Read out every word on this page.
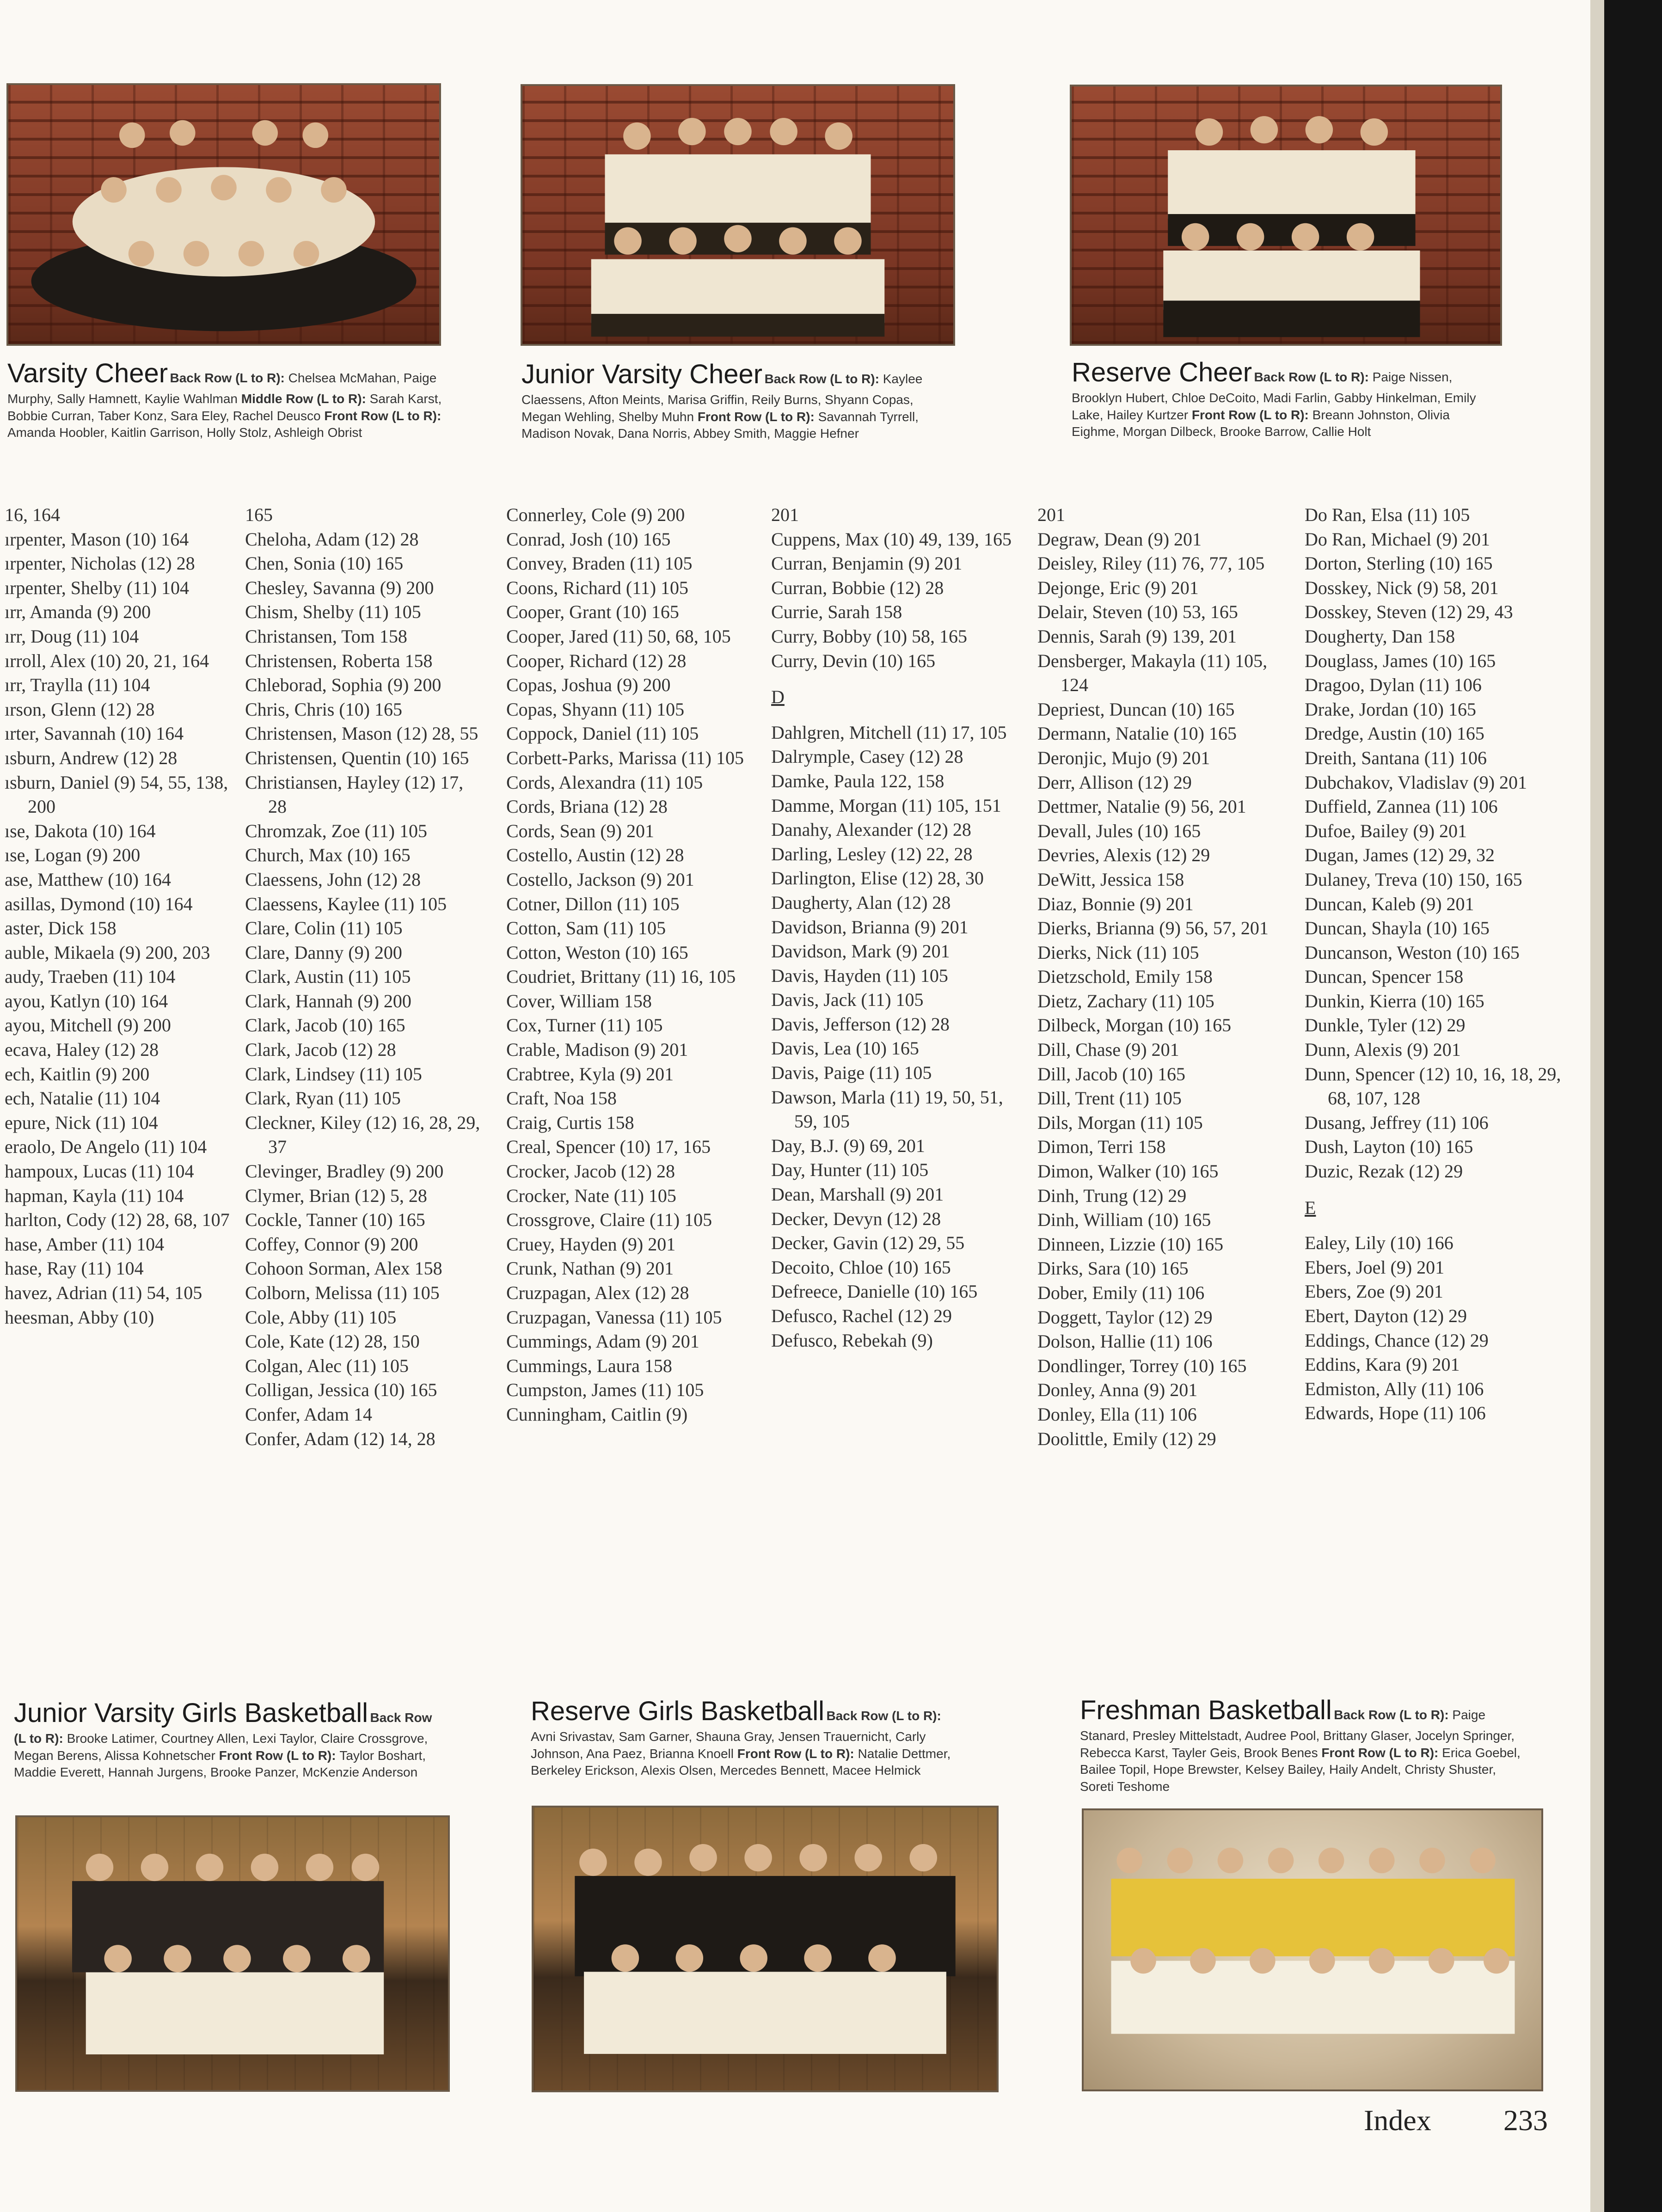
Varsity Cheer Back Row (L to R): Chelsea McMahan, Paige Murphy, Sally Hamnett, Kaylie Wahlman Middle Row (L to R): Sarah Karst, Bobbie Curran, Taber Konz, Sara Eley, Rachel Deusco Front Row (L to R): Amanda Hoobler, Kaitlin Garrison, Holly Stolz, Ashleigh Obrist
Junior Varsity Cheer Back Row (L to R): Kaylee Claessens, Afton Meints, Marisa Griffin, Reily Burns, Shyann Copas, Megan Wehling, Shelby Muhn Front Row (L to R): Savannah Tyrrell, Madison Novak, Dana Norris, Abbey Smith, Maggie Hefner
Reserve Cheer Back Row (L to R): Paige Nissen, Brooklyn Hubert, Chloe DeCoito, Madi Farlin, Gabby Hinkelman, Emily Lake, Hailey Kurtzer Front Row (L to R): Breann Johnston, Olivia Eighme, Morgan Dilbeck, Brooke Barrow, Callie Holt
16, 164
ırpenter, Mason (10) 164
ırpenter, Nicholas (12) 28
ırpenter, Shelby (11) 104
ırr, Amanda (9) 200
ırr, Doug (11) 104
ırroll, Alex (10) 20, 21, 164
ırr, Traylla (11) 104
ırson, Glenn (12) 28
ırter, Savannah (10) 164
ısburn, Andrew (12) 28
ısburn, Daniel (9) 54, 55, 138, 200
ıse, Dakota (10) 164
ıse, Logan (9) 200
ase, Matthew (10) 164
asillas, Dymond (10) 164
aster, Dick 158
auble, Mikaela (9) 200, 203
audy, Traeben (11) 104
ayou, Katlyn (10) 164
ayou, Mitchell (9) 200
ecava, Haley (12) 28
ech, Kaitlin (9) 200
ech, Natalie (11) 104
epure, Nick (11) 104
eraolo, De Angelo (11) 104
hampoux, Lucas (11) 104
hapman, Kayla (11) 104
harlton, Cody (12) 28, 68, 107
hase, Amber (11) 104
hase, Ray (11) 104
havez, Adrian (11) 54, 105
heesman, Abby (10)
165
Cheloha, Adam (12) 28
Chen, Sonia (10) 165
Chesley, Savanna (9) 200
Chism, Shelby (11) 105
Christansen, Tom 158
Christensen, Roberta 158
Chleborad, Sophia (9) 200
Chris, Chris (10) 165
Christensen, Mason (12) 28, 55
Christensen, Quentin (10) 165
Christiansen, Hayley (12) 17, 28
Chromzak, Zoe (11) 105
Church, Max (10) 165
Claessens, John (12) 28
Claessens, Kaylee (11) 105
Clare, Colin (11) 105
Clare, Danny (9) 200
Clark, Austin (11) 105
Clark, Hannah (9) 200
Clark, Jacob (10) 165
Clark, Jacob (12) 28
Clark, Lindsey (11) 105
Clark, Ryan (11) 105
Cleckner, Kiley (12) 16, 28, 29, 37
Clevinger, Bradley (9) 200
Clymer, Brian (12) 5, 28
Cockle, Tanner (10) 165
Coffey, Connor (9) 200
Cohoon Sorman, Alex 158
Colborn, Melissa (11) 105
Cole, Abby (11) 105
Cole, Kate (12) 28, 150
Colgan, Alec (11) 105
Colligan, Jessica (10) 165
Confer, Adam 14
Confer, Adam (12) 14, 28
Connerley, Cole (9) 200
Conrad, Josh (10) 165
Convey, Braden (11) 105
Coons, Richard (11) 105
Cooper, Grant (10) 165
Cooper, Jared (11) 50, 68, 105
Cooper, Richard (12) 28
Copas, Joshua (9) 200
Copas, Shyann (11) 105
Coppock, Daniel (11) 105
Corbett-Parks, Marissa (11) 105
Cords, Alexandra (11) 105
Cords, Briana (12) 28
Cords, Sean (9) 201
Costello, Austin (12) 28
Costello, Jackson (9) 201
Cotner, Dillon (11) 105
Cotton, Sam (11) 105
Cotton, Weston (10) 165
Coudriet, Brittany (11) 16, 105
Cover, William 158
Cox, Turner (11) 105
Crable, Madison (9) 201
Crabtree, Kyla (9) 201
Craft, Noa 158
Craig, Curtis 158
Creal, Spencer (10) 17, 165
Crocker, Jacob (12) 28
Crocker, Nate (11) 105
Crossgrove, Claire (11) 105
Cruey, Hayden (9) 201
Crunk, Nathan (9) 201
Cruzpagan, Alex (12) 28
Cruzpagan, Vanessa (11) 105
Cummings, Adam (9) 201
Cummings, Laura 158
Cumpston, James (11) 105
Cunningham, Caitlin (9)
201
Cuppens, Max (10) 49, 139, 165
Curran, Benjamin (9) 201
Curran, Bobbie (12) 28
Currie, Sarah 158
Curry, Bobby (10) 58, 165
Curry, Devin (10) 165
D
Dahlgren, Mitchell (11) 17, 105
Dalrymple, Casey (12) 28
Damke, Paula 122, 158
Damme, Morgan (11) 105, 151
Danahy, Alexander (12) 28
Darling, Lesley (12) 22, 28
Darlington, Elise (12) 28, 30
Daugherty, Alan (12) 28
Davidson, Brianna (9) 201
Davidson, Mark (9) 201
Davis, Hayden (11) 105
Davis, Jack (11) 105
Davis, Jefferson (12) 28
Davis, Lea (10) 165
Davis, Paige (11) 105
Dawson, Marla (11) 19, 50, 51, 59, 105
Day, B.J. (9) 69, 201
Day, Hunter (11) 105
Dean, Marshall (9) 201
Decker, Devyn (12) 28
Decker, Gavin (12) 29, 55
Decoito, Chloe (10) 165
Defreece, Danielle (10) 165
Defusco, Rachel (12) 29
Defusco, Rebekah (9)
201
Degraw, Dean (9) 201
Deisley, Riley (11) 76, 77, 105
Dejonge, Eric (9) 201
Delair, Steven (10) 53, 165
Dennis, Sarah (9) 139, 201
Densberger, Makayla (11) 105, 124
Depriest, Duncan (10) 165
Dermann, Natalie (10) 165
Deronjic, Mujo (9) 201
Derr, Allison (12) 29
Dettmer, Natalie (9) 56, 201
Devall, Jules (10) 165
Devries, Alexis (12) 29
DeWitt, Jessica 158
Diaz, Bonnie (9) 201
Dierks, Brianna (9) 56, 57, 201
Dierks, Nick (11) 105
Dietzschold, Emily 158
Dietz, Zachary (11) 105
Dilbeck, Morgan (10) 165
Dill, Chase (9) 201
Dill, Jacob (10) 165
Dill, Trent (11) 105
Dils, Morgan (11) 105
Dimon, Terri 158
Dimon, Walker (10) 165
Dinh, Trung (12) 29
Dinh, William (10) 165
Dinneen, Lizzie (10) 165
Dirks, Sara (10) 165
Dober, Emily (11) 106
Doggett, Taylor (12) 29
Dolson, Hallie (11) 106
Dondlinger, Torrey (10) 165
Donley, Anna (9) 201
Donley, Ella (11) 106
Doolittle, Emily (12) 29
Do Ran, Elsa (11) 105
Do Ran, Michael (9) 201
Dorton, Sterling (10) 165
Dosskey, Nick (9) 58, 201
Dosskey, Steven (12) 29, 43
Dougherty, Dan 158
Douglass, James (10) 165
Dragoo, Dylan (11) 106
Drake, Jordan (10) 165
Dredge, Austin (10) 165
Dreith, Santana (11) 106
Dubchakov, Vladislav (9) 201
Duffield, Zannea (11) 106
Dufoe, Bailey (9) 201
Dugan, James (12) 29, 32
Dulaney, Treva (10) 150, 165
Duncan, Kaleb (9) 201
Duncan, Shayla (10) 165
Duncanson, Weston (10) 165
Duncan, Spencer 158
Dunkin, Kierra (10) 165
Dunkle, Tyler (12) 29
Dunn, Alexis (9) 201
Dunn, Spencer (12) 10, 16, 18, 29, 68, 107, 128
Dusang, Jeffrey (11) 106
Dush, Layton (10) 165
Duzic, Rezak (12) 29
E
Ealey, Lily (10) 166
Ebers, Joel (9) 201
Ebers, Zoe (9) 201
Ebert, Dayton (12) 29
Eddings, Chance (12) 29
Eddins, Kara (9) 201
Edmiston, Ally (11) 106
Edwards, Hope (11) 106
Junior Varsity Girls Basketball Back Row (L to R): Brooke Latimer, Courtney Allen, Lexi Taylor, Claire Crossgrove, Megan Berens, Alissa Kohnetscher Front Row (L to R): Taylor Boshart, Maddie Everett, Hannah Jurgens, Brooke Panzer, McKenzie Anderson
Reserve Girls Basketball Back Row (L to R): Avni Srivastav, Sam Garner, Shauna Gray, Jensen Trauernicht, Carly Johnson, Ana Paez, Brianna Knoell Front Row (L to R): Natalie Dettmer, Berkeley Erickson, Alexis Olsen, Mercedes Bennett, Macee Helmick
Freshman Basketball Back Row (L to R): Paige Stanard, Presley Mittelstadt, Audree Pool, Brittany Glaser, Jocelyn Springer, Rebecca Karst, Tayler Geis, Brook Benes Front Row (L to R): Erica Goebel, Bailee Topil, Hope Brewster, Kelsey Bailey, Haily Andelt, Christy Shuster, Soreti Teshome
Index 233
